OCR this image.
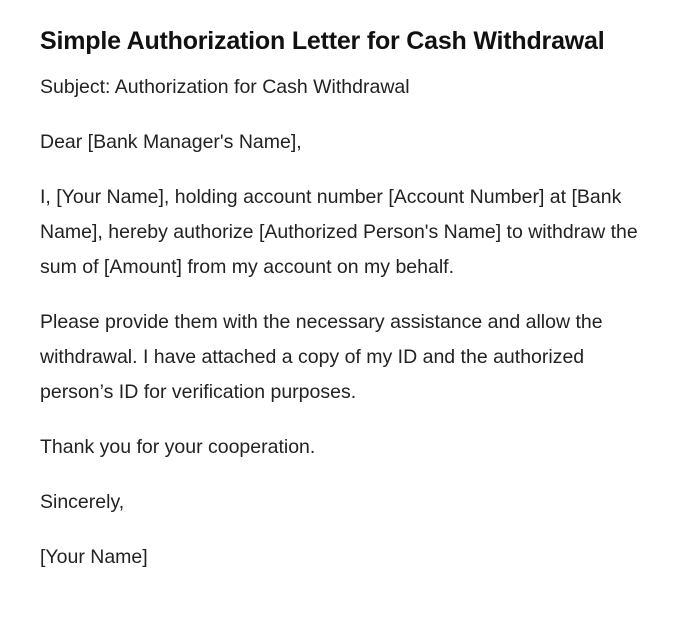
Simple Authorization Letter for Cash Withdrawal

Subject: Authorization for Cash Withdrawal

Dear [Bank Manager's Name],

I, [Your Name], holding account number [Account Number] at [Bank Name], hereby authorize [Authorized Person's Name] to withdraw the sum of [Amount] from my account on my behalf.

Please provide them with the necessary assistance and allow the withdrawal. I have attached a copy of my ID and the authorized person’s ID for verification purposes.

Thank you for your cooperation.

Sincerely,

[Your Name]
